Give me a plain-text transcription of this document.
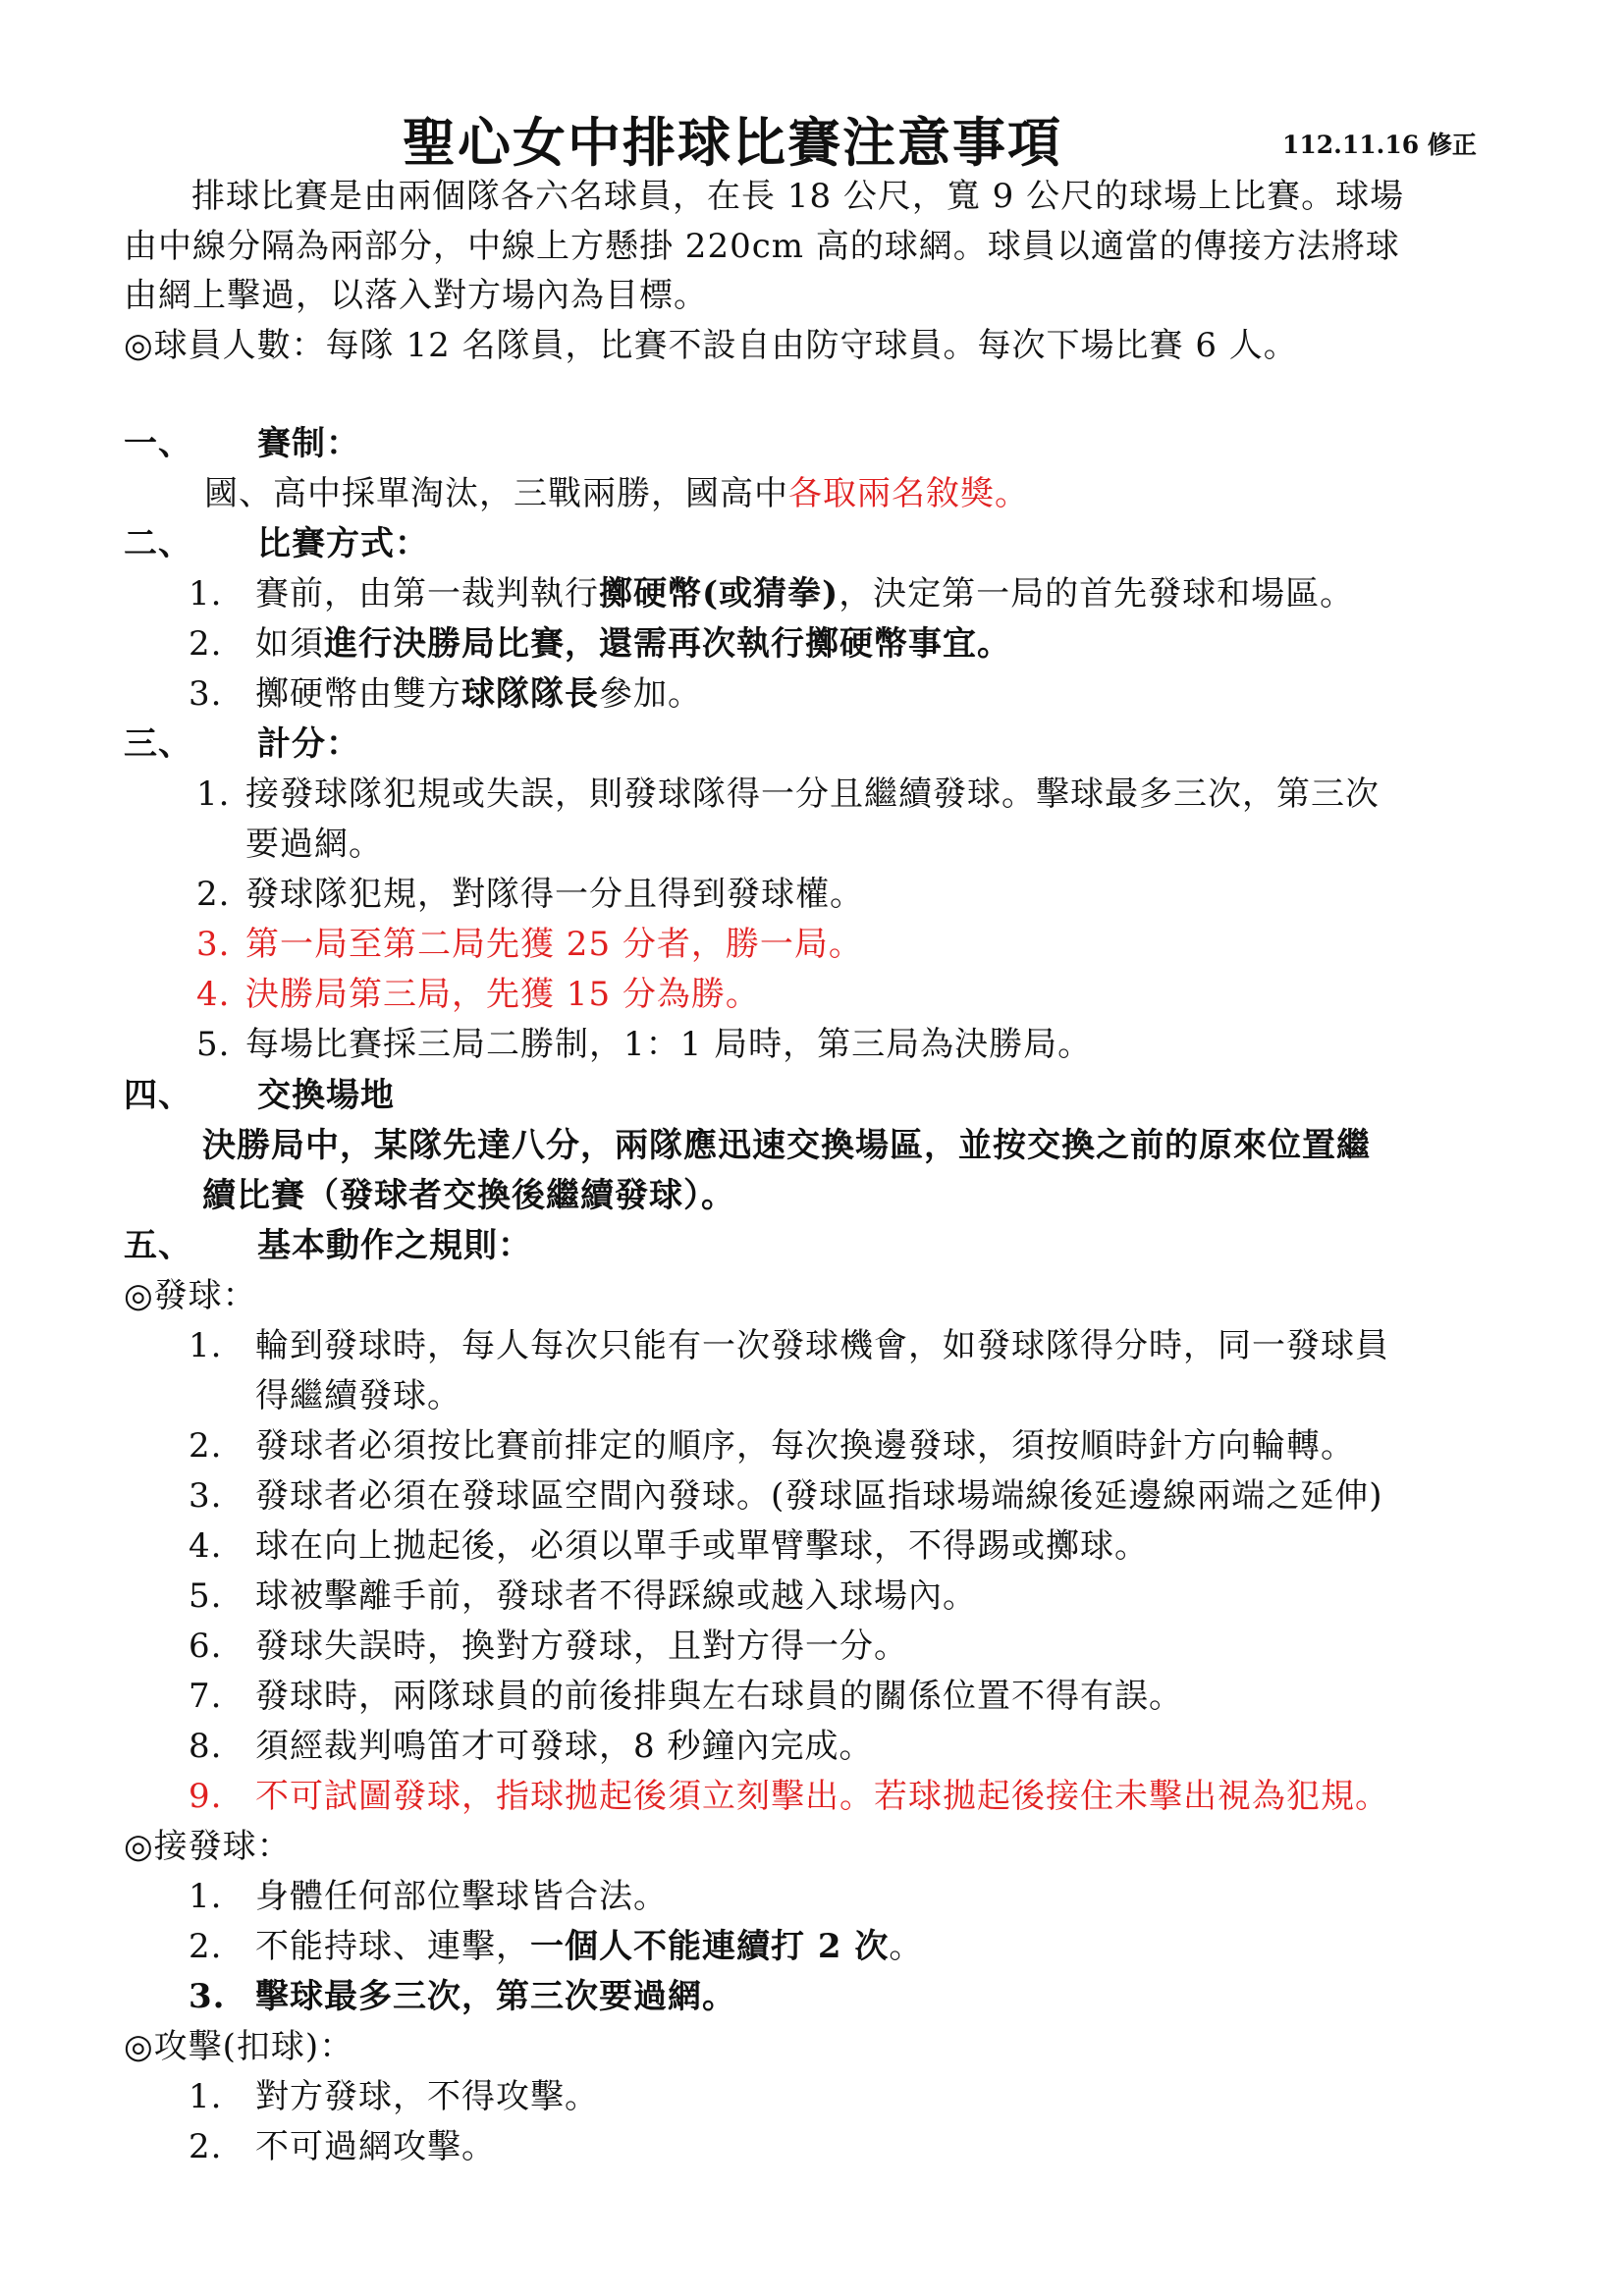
聖心女中排球比賽注意事項	112.11.16 修正
排球比賽是由兩個隊各六名球員，在長 18 公尺，寬 9 公尺的球場上比賽。球場
由中線分隔為兩部分，中線上方懸掛 220cm 高的球網。球員以適當的傳接方法將球
由網上擊過，以落入對方場內為目標。
◎球員人數：每隊 12 名隊員，比賽不設自由防守球員。每次下場比賽 6 人。
一、 賽制：
國、高中採單淘汰，三戰兩勝，國高中各取兩名敘獎。
二、 比賽方式：
1. 賽前，由第一裁判執行擲硬幣(或猜拳)，決定第一局的首先發球和場區。
2. 如須進行決勝局比賽，還需再次執行擲硬幣事宜。
3. 擲硬幣由雙方球隊隊長參加。
三、 計分：
1. 接發球隊犯規或失誤，則發球隊得一分且繼續發球。擊球最多三次，第三次
要過網。
2. 發球隊犯規，對隊得一分且得到發球權。
3. 第一局至第二局先獲 25 分者，勝一局。
4. 決勝局第三局，先獲 15 分為勝。
5. 每場比賽採三局二勝制，1：1 局時，第三局為決勝局。
四、 交換場地
決勝局中，某隊先達八分，兩隊應迅速交換場區，並按交換之前的原來位置繼
續比賽（發球者交換後繼續發球）。
五、 基本動作之規則：
◎發球：
1. 輪到發球時，每人每次只能有一次發球機會，如發球隊得分時，同一發球員
得繼續發球。
2. 發球者必須按比賽前排定的順序，每次換邊發球，須按順時針方向輪轉。
3. 發球者必須在發球區空間內發球。(發球區指球場端線後延邊線兩端之延伸)
4. 球在向上拋起後，必須以單手或單臂擊球，不得踢或擲球。
5. 球被擊離手前，發球者不得踩線或越入球場內。
6. 發球失誤時，換對方發球，且對方得一分。
7. 發球時，兩隊球員的前後排與左右球員的關係位置不得有誤。
8. 須經裁判鳴笛才可發球，8 秒鐘內完成。
9. 不可試圖發球，指球拋起後須立刻擊出。若球拋起後接住未擊出視為犯規。
◎接發球：
1. 身體任何部位擊球皆合法。
2. 不能持球、連擊，一個人不能連續打 2 次。
3. 擊球最多三次，第三次要過網。
◎攻擊(扣球)：
1. 對方發球，不得攻擊。
2. 不可過網攻擊。
